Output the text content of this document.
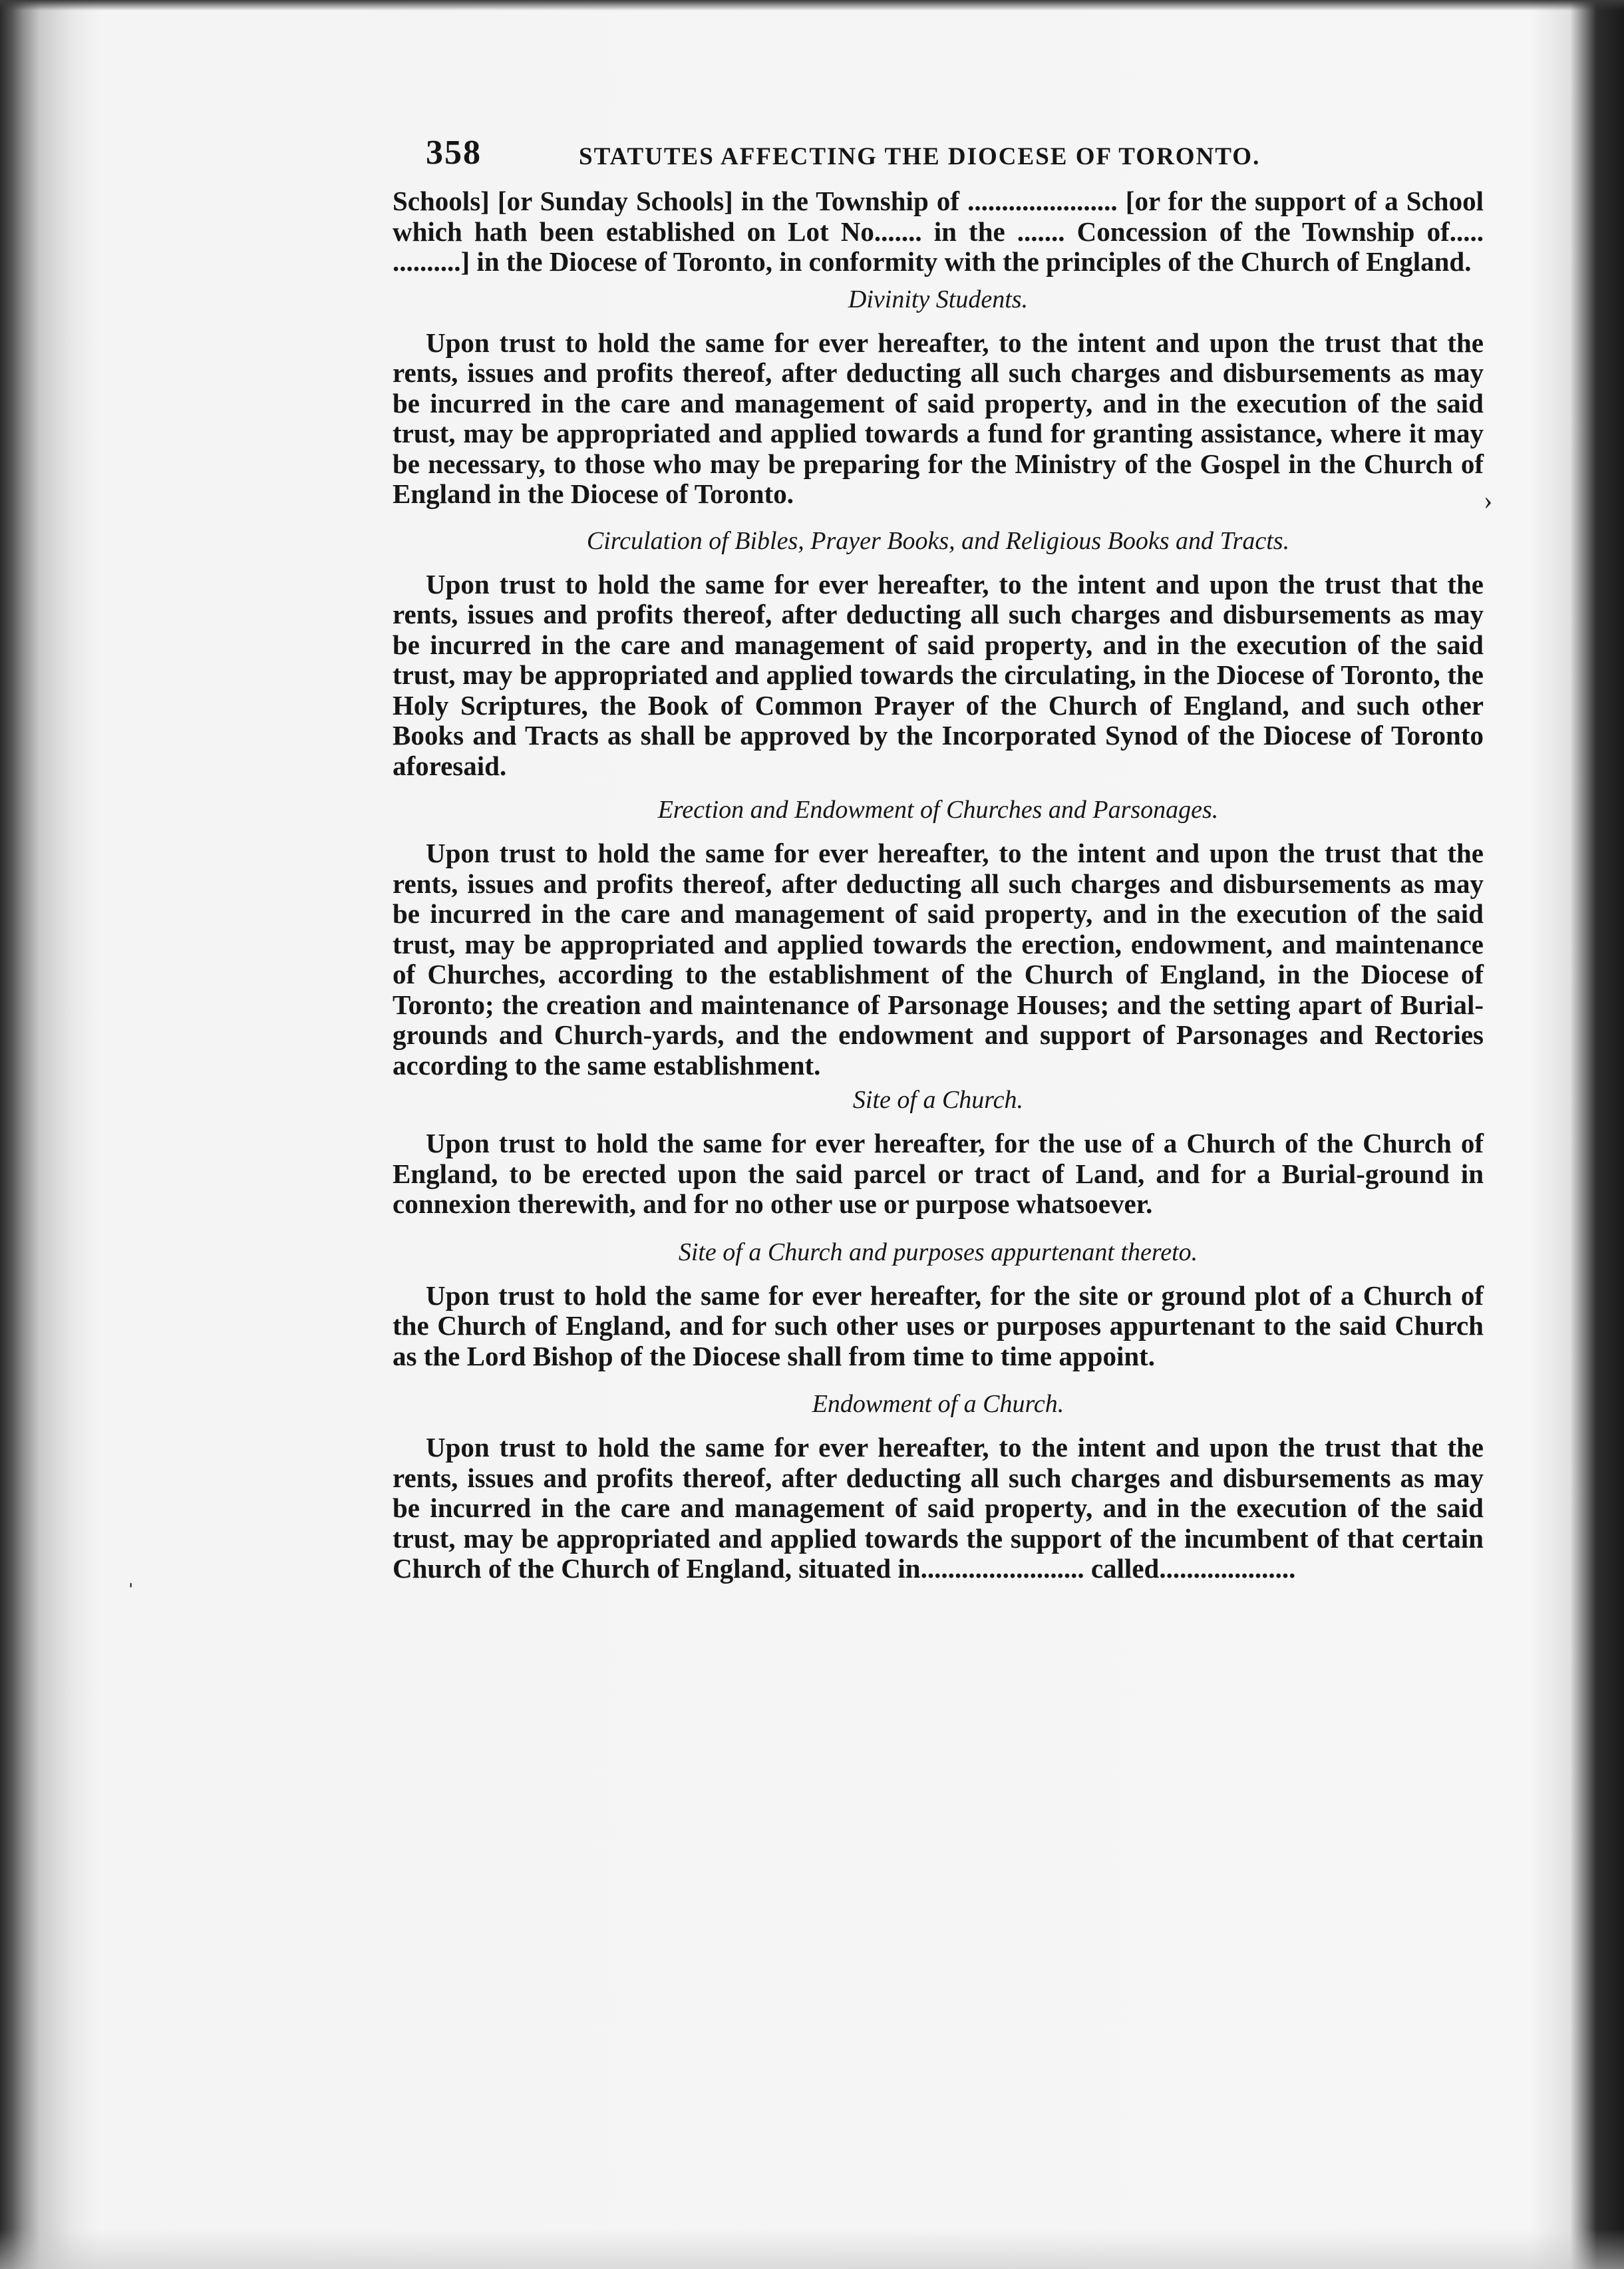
358	STATUTES AFFECTING THE DIOCESE OF TORONTO.

Schools] [or Sunday Schools] in the Township of ...................... [or for the support of a School which hath been established on Lot No....... in the ....... Concession of the Township of..... ..........] in the Diocese of Toronto, in conformity with the principles of the Church of England.

Divinity Students.

Upon trust to hold the same for ever hereafter, to the intent and upon the trust that the rents, issues and profits thereof, after deducting all such charges and disbursements as may be incurred in the care and management of said property, and in the execution of the said trust, may be appropriated and applied towards a fund for granting assistance, where it may be necessary, to those who may be preparing for the Ministry of the Gospel in the Church of England in the Diocese of Toronto.

Circulation of Bibles, Prayer Books, and Religious Books and Tracts.

Upon trust to hold the same for ever hereafter, to the intent and upon the trust that the rents, issues and profits thereof, after deducting all such charges and disbursements as may be incurred in the care and management of said property, and in the execution of the said trust, may be appropriated and applied towards the circulating, in the Diocese of Toronto, the Holy Scriptures, the Book of Common Prayer of the Church of England, and such other Books and Tracts as shall be approved by the Incorporated Synod of the Diocese of Toronto aforesaid.

Erection and Endowment of Churches and Parsonages.

Upon trust to hold the same for ever hereafter, to the intent and upon the trust that the rents, issues and profits thereof, after deducting all such charges and disbursements as may be incurred in the care and management of said property, and in the execution of the said trust, may be appropriated and applied towards the erection, endowment, and maintenance of Churches, according to the establishment of the Church of England, in the Diocese of Toronto; the creation and maintenance of Parsonage Houses; and the setting apart of Burial-grounds and Church-yards, and the endowment and support of Parsonages and Rectories according to the same establishment.

Site of a Church.

Upon trust to hold the same for ever hereafter, for the use of a Church of the Church of England, to be erected upon the said parcel or tract of Land, and for a Burial-ground in connexion therewith, and for no other use or purpose whatsoever.

Site of a Church and purposes appurtenant thereto.

Upon trust to hold the same for ever hereafter, for the site or ground plot of a Church of the Church of England, and for such other uses or purposes appurtenant to the said Church as the Lord Bishop of the Diocese shall from time to time appoint.

Endowment of a Church.

Upon trust to hold the same for ever hereafter, to the intent and upon the trust that the rents, issues and profits thereof, after deducting all such charges and disbursements as may be incurred in the care and management of said property, and in the execution of the said trust, may be appropriated and applied towards the support of the incumbent of that certain Church of the Church of England, situated in........................ called....................

›
ˌ
